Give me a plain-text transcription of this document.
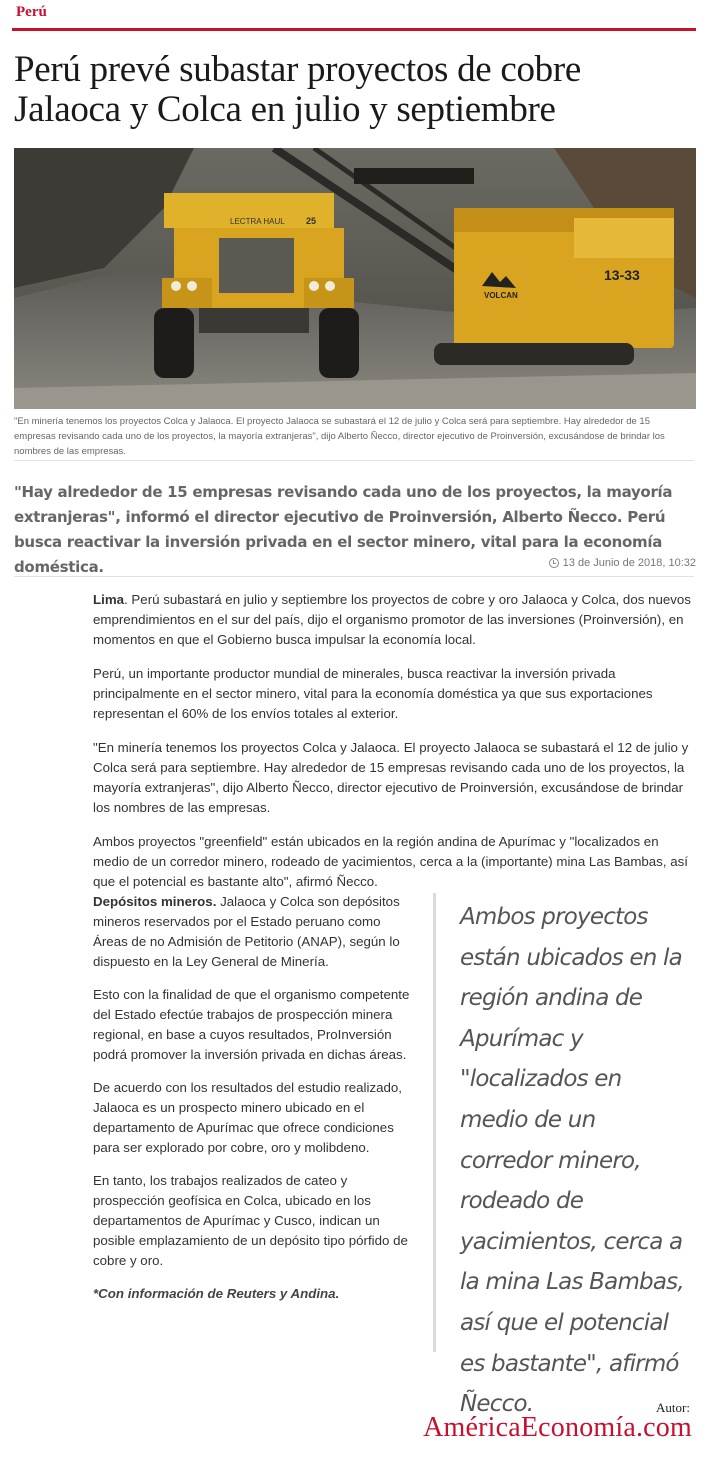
Perú
Perú prevé subastar proyectos de cobre Jalaoca y Colca en julio y septiembre
13-33
VOLCAN
LECTRA HAUL 25

"En minería tenemos los proyectos Colca y Jalaoca. El proyecto Jalaoca se subastará el 12 de julio y Colca será para septiembre. Hay alrededor de 15 empresas revisando cada uno de los proyectos, la mayoría extranjeras", dijo Alberto Ñecco, director ejecutivo de Proinversión, excusándose de brindar los nombres de las empresas.

"Hay alrededor de 15 empresas revisando cada uno de los proyectos, la mayoría extranjeras", informó el director ejecutivo de Proinversión, Alberto Ñecco. Perú busca reactivar la inversión privada en el sector minero, vital para la economía doméstica.	13 de Junio de 2018, 10:32

Lima. Perú subastará en julio y septiembre los proyectos de cobre y oro Jalaoca y Colca, dos nuevos emprendimientos en el sur del país, dijo el organismo promotor de las inversiones (Proinversión), en momentos en que el Gobierno busca impulsar la economía local.

Perú, un importante productor mundial de minerales, busca reactivar la inversión privada principalmente en el sector minero, vital para la economía doméstica ya que sus exportaciones representan el 60% de los envíos totales al exterior.

"En minería tenemos los proyectos Colca y Jalaoca. El proyecto Jalaoca se subastará el 12 de julio y Colca será para septiembre. Hay alrededor de 15 empresas revisando cada uno de los proyectos, la mayoría extranjeras", dijo Alberto Ñecco, director ejecutivo de Proinversión, excusándose de brindar los nombres de las empresas.

Ambos proyectos "greenfield" están ubicados en la región andina de Apurímac y "localizados en medio de un corredor minero, rodeado de yacimientos, cerca a la (importante) mina Las Bambas, así que el potencial es bastante alto", afirmó Ñecco.

Depósitos mineros. Jalaoca y Colca son depósitos mineros reservados por el Estado peruano como Áreas de no Admisión de Petitorio (ANAP), según lo dispuesto en la Ley General de Minería.

Esto con la finalidad de que el organismo competente del Estado efectúe trabajos de prospección minera regional, en base a cuyos resultados, ProInversión podrá promover la inversión privada en dichas áreas.

De acuerdo con los resultados del estudio realizado, Jalaoca es un prospecto minero ubicado en el departamento de Apurímac que ofrece condiciones para ser explorado por cobre, oro y molibdeno.

En tanto, los trabajos realizados de cateo y prospección geofísica en Colca, ubicado en los departamentos de Apurímac y Cusco, indican un posible emplazamiento de un depósito tipo pórfido de cobre y oro.

*Con información de Reuters y Andina.

Ambos proyectos están ubicados en la región andina de Apurímac y "localizados en medio de un corredor minero, rodeado de yacimientos, cerca a la mina Las Bambas, así que el potencial es bastante", afirmó Ñecco.	Autor:
AméricaEconomía.com
